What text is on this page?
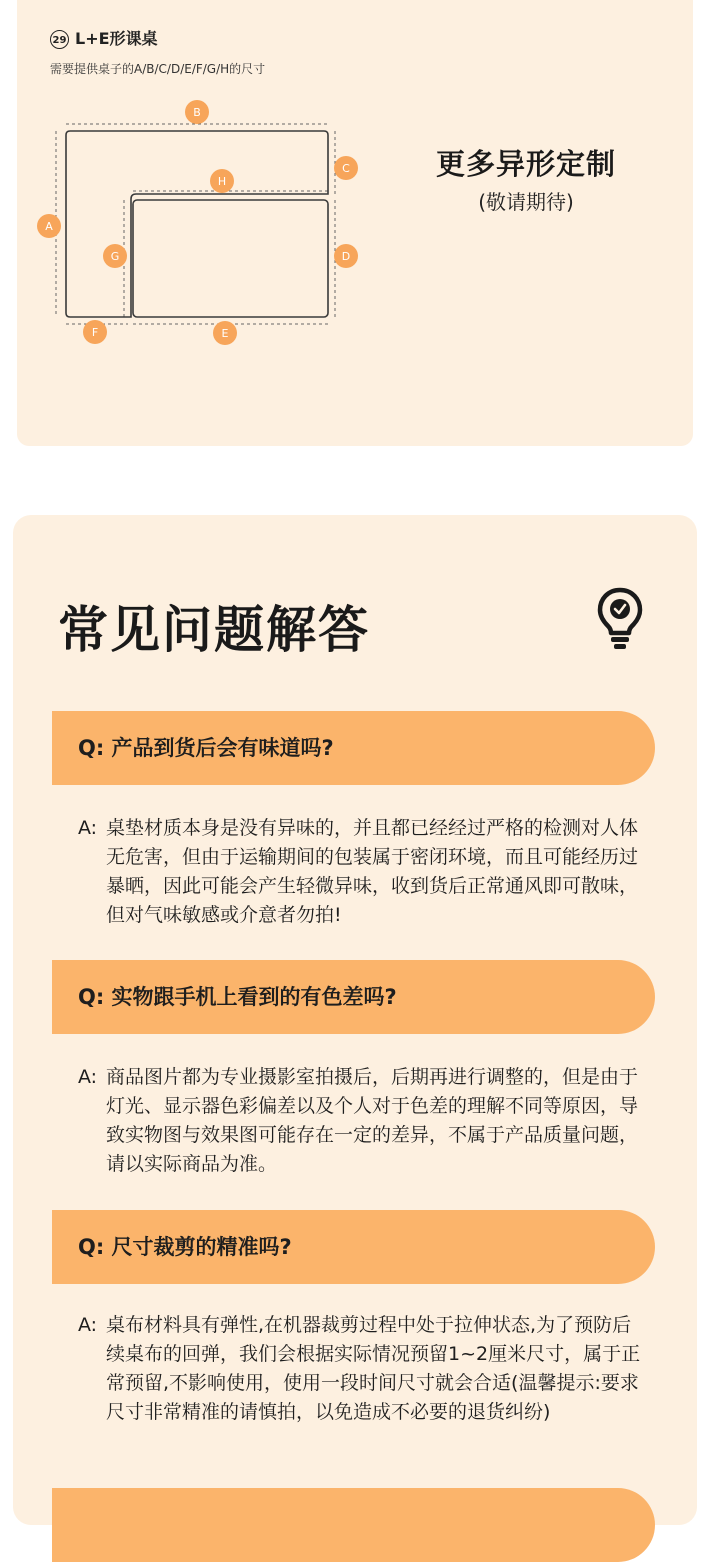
29 L+E形课桌
需要提供桌子的A/B/C/D/E/F/G/H的尺寸
B
C
H
A
G	D
F	E
更多异形定制
(敬请期待)
常见问题解答
Q: 产品到货后会有味道吗?
A: 桌垫材质本身是没有异味的，并且都已经经过严格的检测对人体无危害，但由于运输期间的包装属于密闭环境，而且可能经历过暴晒，因此可能会产生轻微异味，收到货后正常通风即可散味，但对气味敏感或介意者勿拍!
Q: 实物跟手机上看到的有色差吗?
A: 商品图片都为专业摄影室拍摄后，后期再进行调整的，但是由于灯光、显示器色彩偏差以及个人对于色差的理解不同等原因，导致实物图与效果图可能存在一定的差异，不属于产品质量问题，请以实际商品为准。
Q: 尺寸裁剪的精准吗?
A: 桌布材料具有弹性,在机器裁剪过程中处于拉伸状态,为了预防后续桌布的回弹，我们会根据实际情况预留1~2厘米尺寸，属于正常预留,不影响使用，使用一段时间尺寸就会合适(温馨提示:要求尺寸非常精准的请慎拍，以免造成不必要的退货纠纷)
